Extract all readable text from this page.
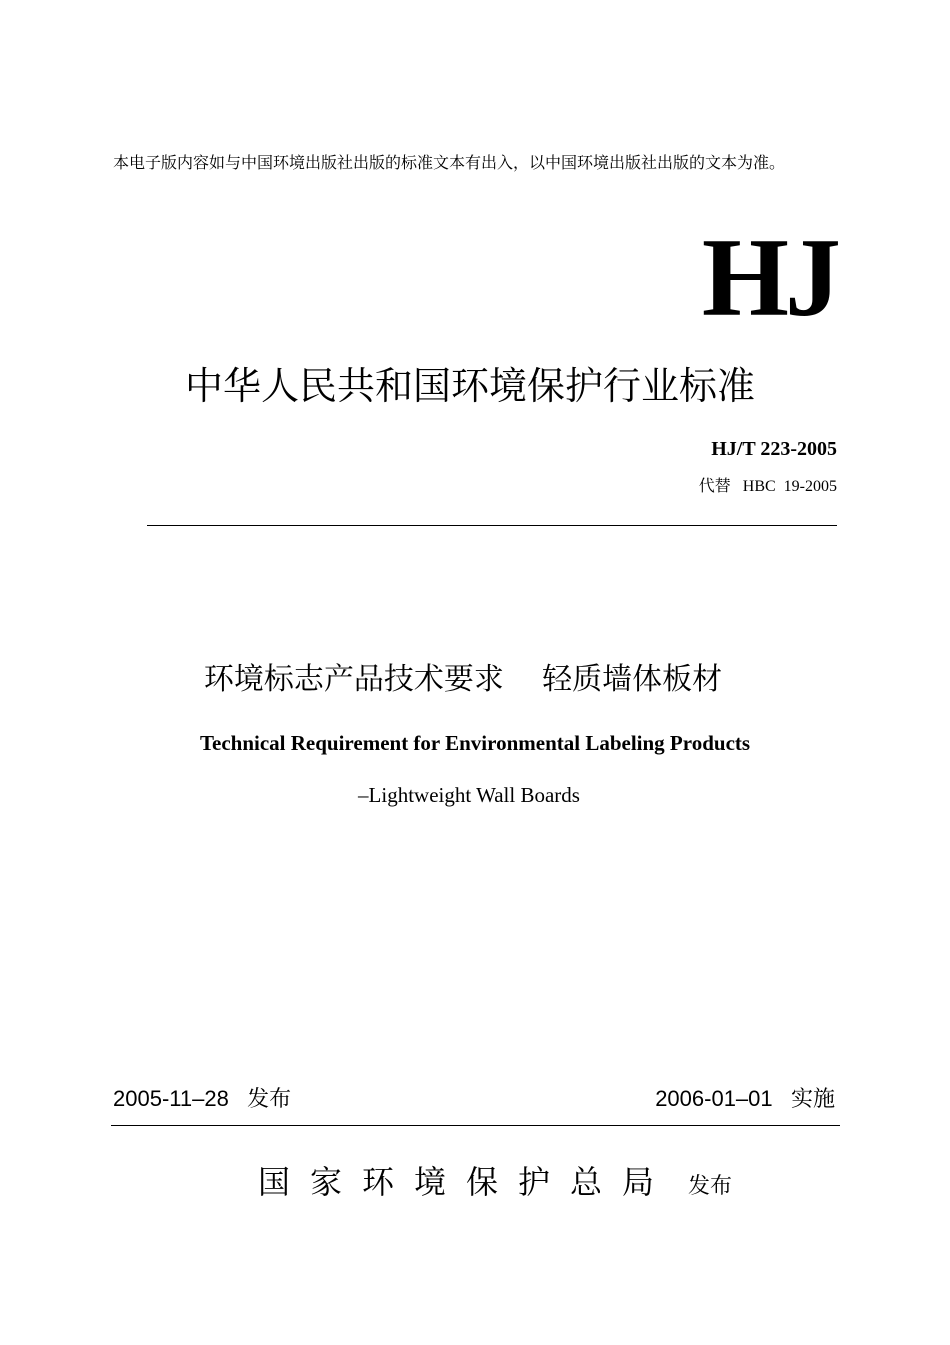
本电子版内容如与中国环境出版社出版的标准文本有出入，以中国环境出版社出版的文本为准。

HJ
中华人民共和国环境保护行业标准
HJ/T 223-2005
代替 HBC  19-2005
环境标志产品技术要求    轻质墙体板材
Technical Requirement for Environmental Labeling Products
–Lightweight Wall Boards
2005-11–28 发布	2006-01–01 实施
国家环境保护总局 发布
